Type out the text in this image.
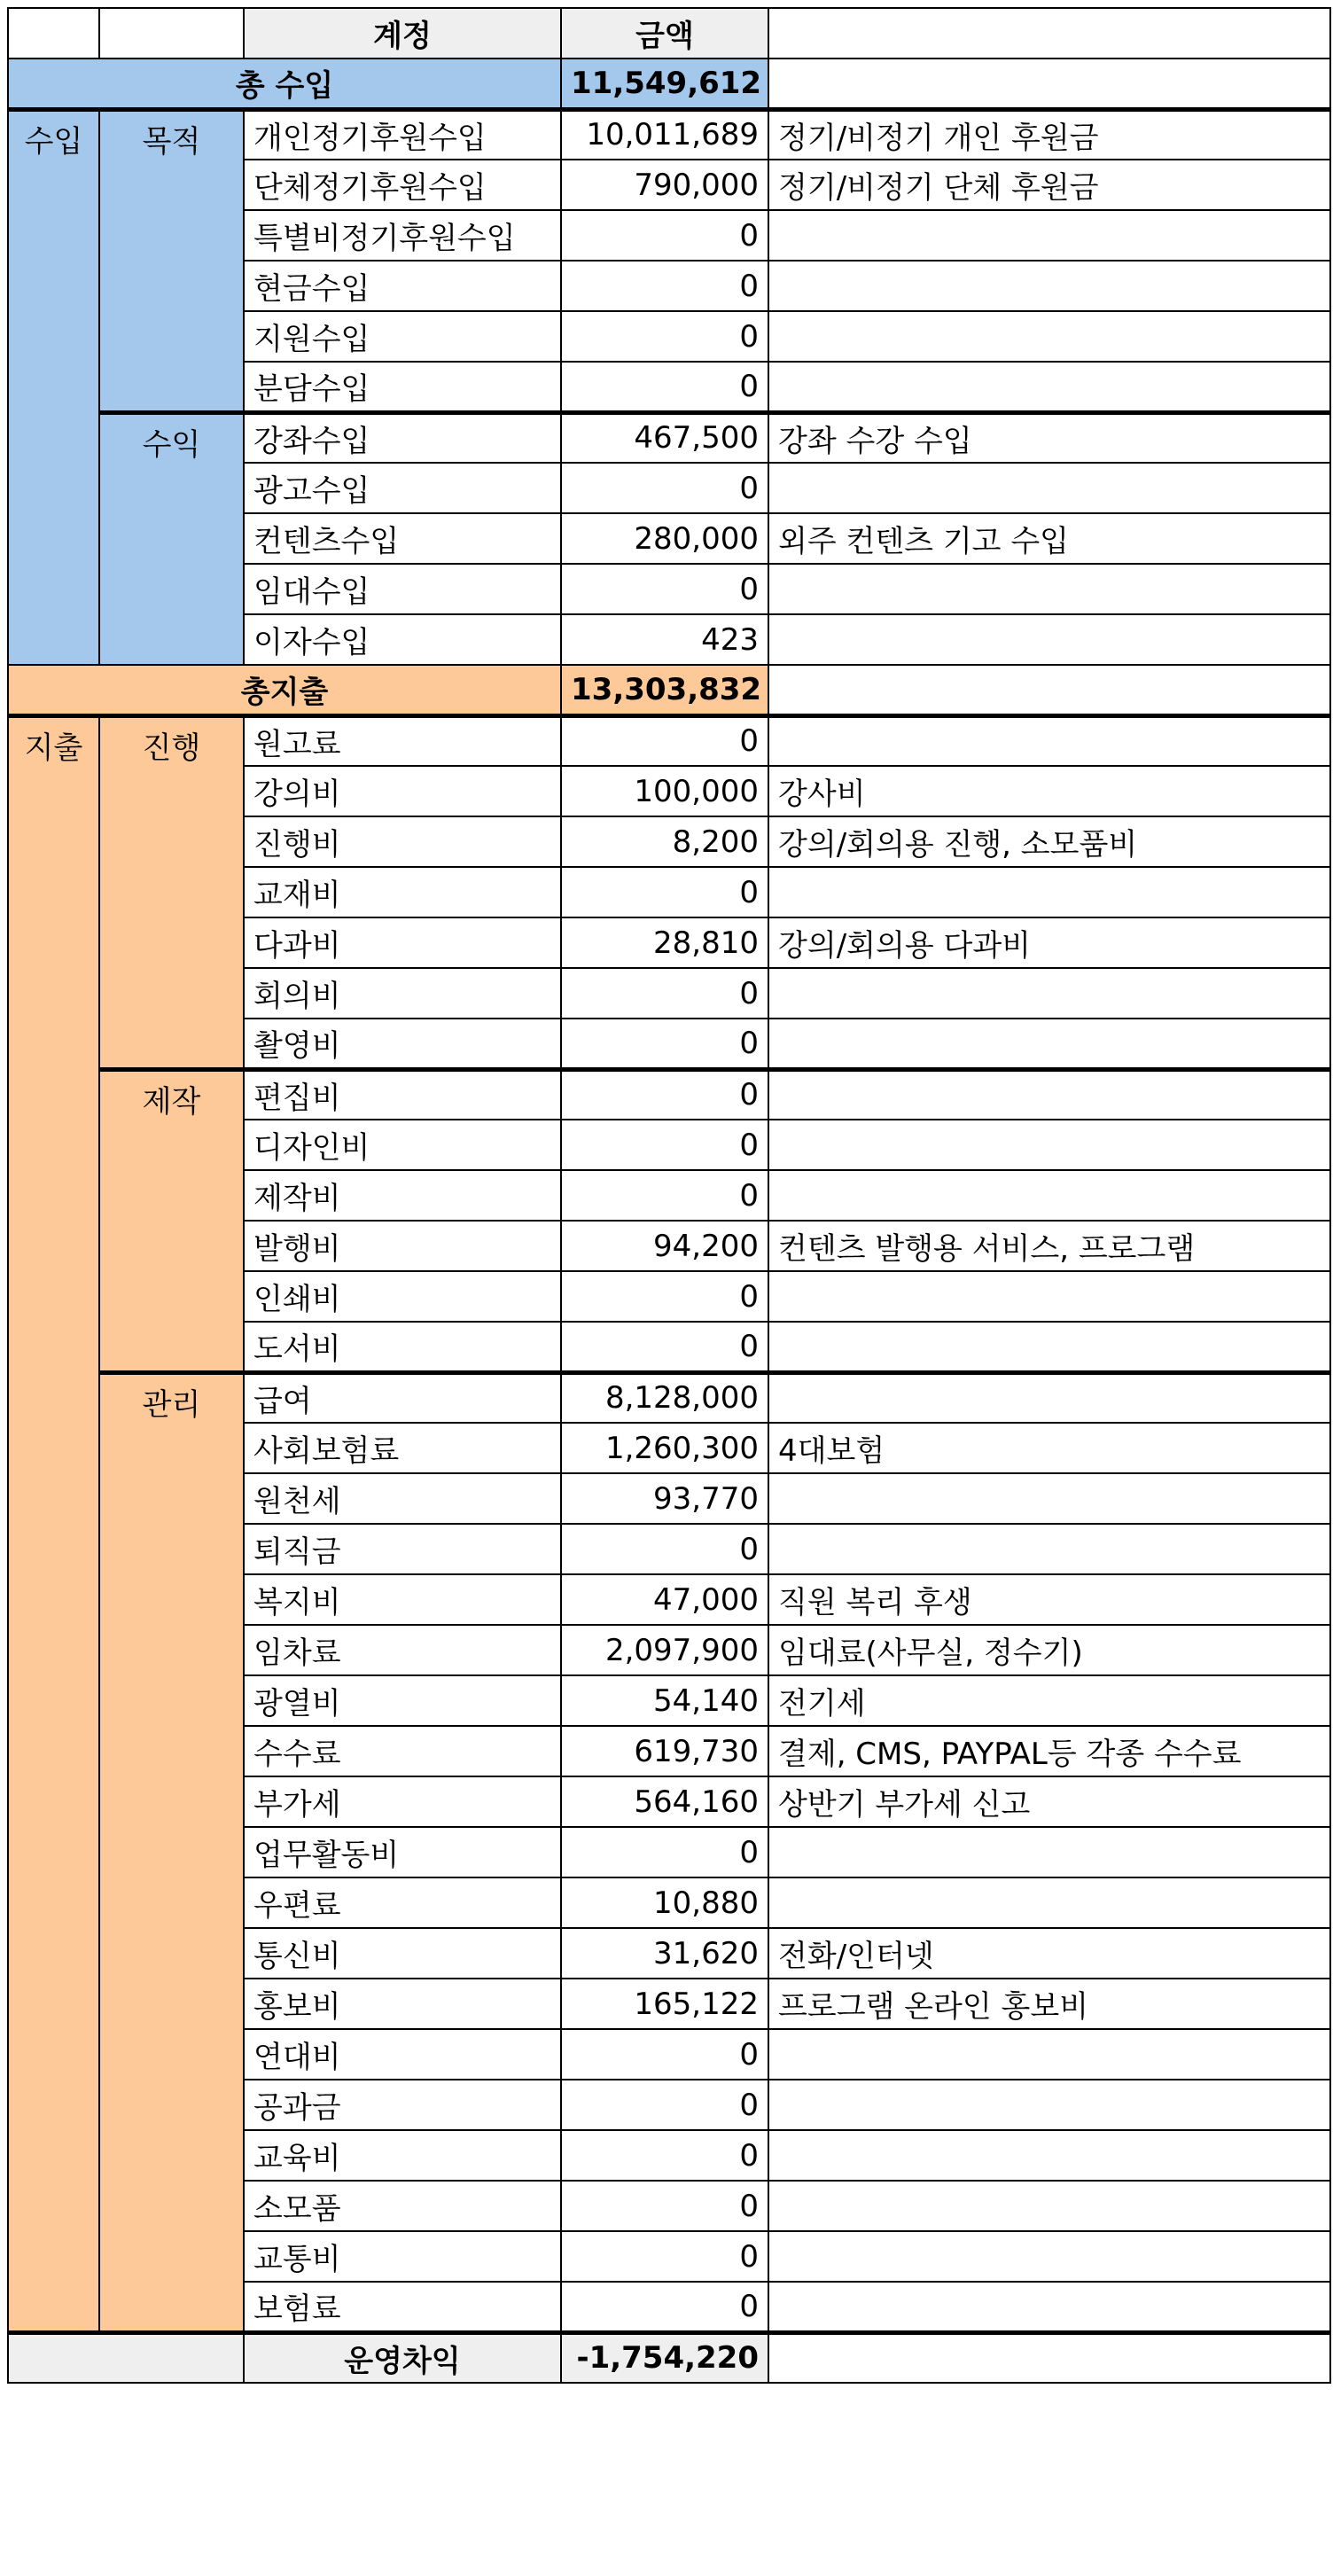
		계정	금액	
총 수입			11,549,612	
수입	목적	개인정기후원수입	10,011,689	정기/비정기 개인 후원금
		단체정기후원수입	790,000	정기/비정기 단체 후원금
		특별비정기후원수입	0	
		현금수입	0	
		지원수입	0	
		분담수입	0	
	수익	강좌수입	467,500	강좌 수강 수입
		광고수입	0	
		컨텐츠수입	280,000	외주 컨텐츠 기고 수입
		임대수입	0	
		이자수입	423	
총지출			13,303,832	
지출	진행	원고료	0	
		강의비	100,000	강사비
		진행비	8,200	강의/회의용 진행, 소모품비
		교재비	0	
		다과비	28,810	강의/회의용 다과비
		회의비	0	
		촬영비	0	
	제작	편집비	0	
		디자인비	0	
		제작비	0	
		발행비	94,200	컨텐츠 발행용 서비스, 프로그램
		인쇄비	0	
		도서비	0	
	관리	급여	8,128,000	
		사회보험료	1,260,300	4대보험
		원천세	93,770	
		퇴직금	0	
		복지비	47,000	직원 복리 후생
		임차료	2,097,900	임대료(사무실, 정수기)
		광열비	54,140	전기세
		수수료	619,730	결제, CMS, PAYPAL등 각종 수수료
		부가세	564,160	상반기 부가세 신고
		업무활동비	0	
		우편료	10,880	
		통신비	31,620	전화/인터넷
		홍보비	165,122	프로그램 온라인 홍보비
		연대비	0	
		공과금	0	
		교육비	0	
		소모품	0	
		교통비	0	
		보험료	0	
		운영차익	-1,754,220	
